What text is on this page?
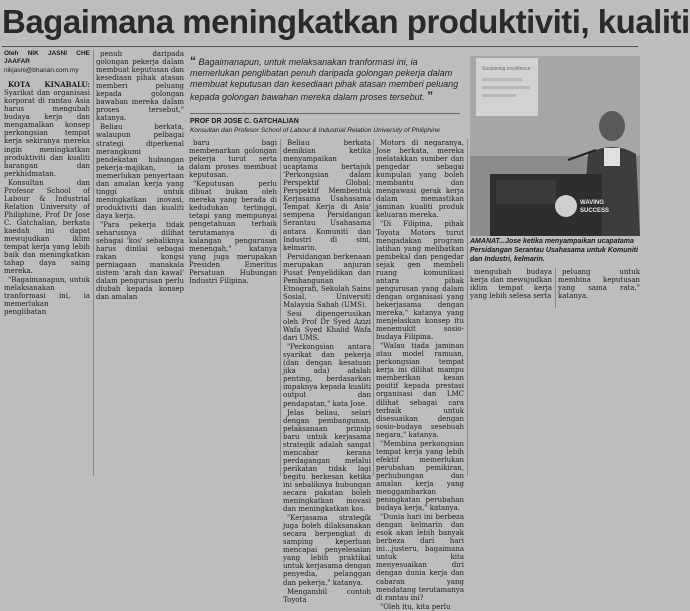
Bagaimana meningkatkan produktiviti, kualiti

Oleh NIK JASNI CHE JAAFAR

nikjasni@bharian.com.my

KOTA KINABALU: Syarikat dan organisasi korporat di rantau Asia harus mengubah budaya kerja dan mengamalkan konsep perkongsian tempat kerja sekiranya mereka ingin meningkatkan produktiviti dan kualiti barangan dan perkhidmatan.

Konsultan dan Profesor School of Labour & Industrial Relation University of Philiphine, Prof Dr Jose C. Gatchalian, berkata kaedah ini dapat mewujudkan iklim tempat kerja yang lebih baik dan meningkatkan tahap daya saing mereka.

"Bagaimanapun, untuk melaksanakan tranformasi ini, ia memerlukan penglibatan

penuh daripada golongan pekerja dalam membuat keputusan dan kesediaan pihak atasan memberi peluang kepada golongan bawahan mereka dalam proses tersebut," katanya.

Beliau berkata, walaupun pelbagai strategi diperkenal merangkumi pendekatan hubungan pekerja-majikan, ia memerlukan penyertaan dan amalan kerja yang tinggi untuk meningkatkan inovasi, produktiviti dan kualiti daya kerja.

"Para pekerja tidak seharusnya dilihat sebagai 'kos' sebaliknya harus dinilai sebagai rakan kongsi perniagaan manakala sistem 'arah dan kawal' dalam pengurusan perlu diubah kepada konsep dan amalan

“ Bagaimanapun, untuk melaksanakan tranformasi ini, ia memerlukan penglibatan penuh daripada golongan pekerja dalam membuat keputusan dan kesediaan pihak atasan memberi peluang kepada golongan bawahan mereka dalam proses tersebut. ”
PROF DR JOSE C. GATCHALIAN
Konsultan dan Profesor School of Labour & Industrial Relation University of Philiphine

baru bagi membenarkan golongan pekerja turut serta dalam proses membuat keputusan.

"Keputusan perlu dibuat bukan oleh mereka yang berada di kedudukan tertinggi, tetapi yang mempunyai pengetahuan terbaik terutamanya di kalangan pengurusan menengah," katanya yang juga merupakan Presiden Emeritus Persatuan Hubungan Industri Filipina.

Beliau berkata demikian ketika menyampaikan ucaptama bertajuk 'Perkongsian dalam Perspektif Global: Perspektif Membentuk Kerjasama Usahasama Tempat Kerja di Asia' sempena Persidangan Serantau Usahasama antara Komuniti dan Industri di sini, kelmarin.

Persidangan berkenaan merupakan anjuran Pusat Penyelidikan dan Pembangunan Etnografi, Sekolah Sains Sosial, Universiti Malaysia Sabah (UMS).

Sesi dipengerusikan oleh Prof Dr Syed Azizi Wafa Syed Khalid Wafa dari UMS.

"Perkongsian antara syarikat dan pekerja (dan dengan kesatuan jika ada) adalah penting, berdasarkan impaknya kepada kualiti output dan pendapatan," kata Jose.

Jelas beliau, selari dengan pembangunan, pelaksanaan prinsip baru untuk kerjasama strategik adalah sangat mencabar kerana perdagangan melalui perikatan tidak lagi begitu berkesan ketika ini sebaliknya hubungan secara pakatan boleh meningkatkan inovasi dan meningkatkan kos.

"Kerjasama strategik juga boleh dilaksanakan secara berpengkat di samping keperluan mencapai penyelesaian yang lebih praktikal untuk kerjasama dengan penyedia, pelanggan dan pekerja," katanya.

Mengambil contoh Toyota

Motors di negaranya, Jose berkata, mereka melatakkan sumber dan pengedar sebagai kumpulan yang boleh membantu dan mengawasi gerak kerja dalam memastikan jaminan kualiti produk keluaran mereka.

"Di Filipina, pihak Toyota Motors turut mengadakan program latihan yang melibatkan pembekal dan pengedar sejak gen membeli ruang komunikasi antara pihak pengurusan yang dalam dengan organisasi yang bekerjasama dengan mereka," katanya yang menjelaskan konsep itu menemukit sosio-budaya Filipina.

"Walau tiada jaminan atau model ramuan, perkongsian tempat kerja ini dilihat mampu memberikan kesan positif kepada prestasi organisasi dan LMC dilihat sebagai cara terbaik untuk disesuaikan dengan sosio-budaya sesebuah negara," katanya.

"Membina perkongsian tempat kerja yang lebih efektif memerlukan perubahan pemikiran, perhubungan dan amalan kerja yang menggambarkan peningkatan perubahan budaya kerja," katanya.

"Dunia hari ini berbeza dengan kelmarin dan esok akan lebih banyak berbeza dari hari ini...justeru, bagaimana untuk kita menyesuaikan diri dengan dunia kerja dan cabaran yang mendatang terutamanya di rantau ini?

"Oleh itu, kita perlu

Sustaining excellence
WAVING
SUCCESS
AMANAT...Jose ketika menyampaikan ucapatama Persidangan Serantau Usahasama untuk Komuniti dan Industri, kelmarin.

mengubah budaya kerja dan mewujudkan iklim tempat kerja yang lebih selesa serta

peluang untuk membina keputusan yang sama rata," katanya.
